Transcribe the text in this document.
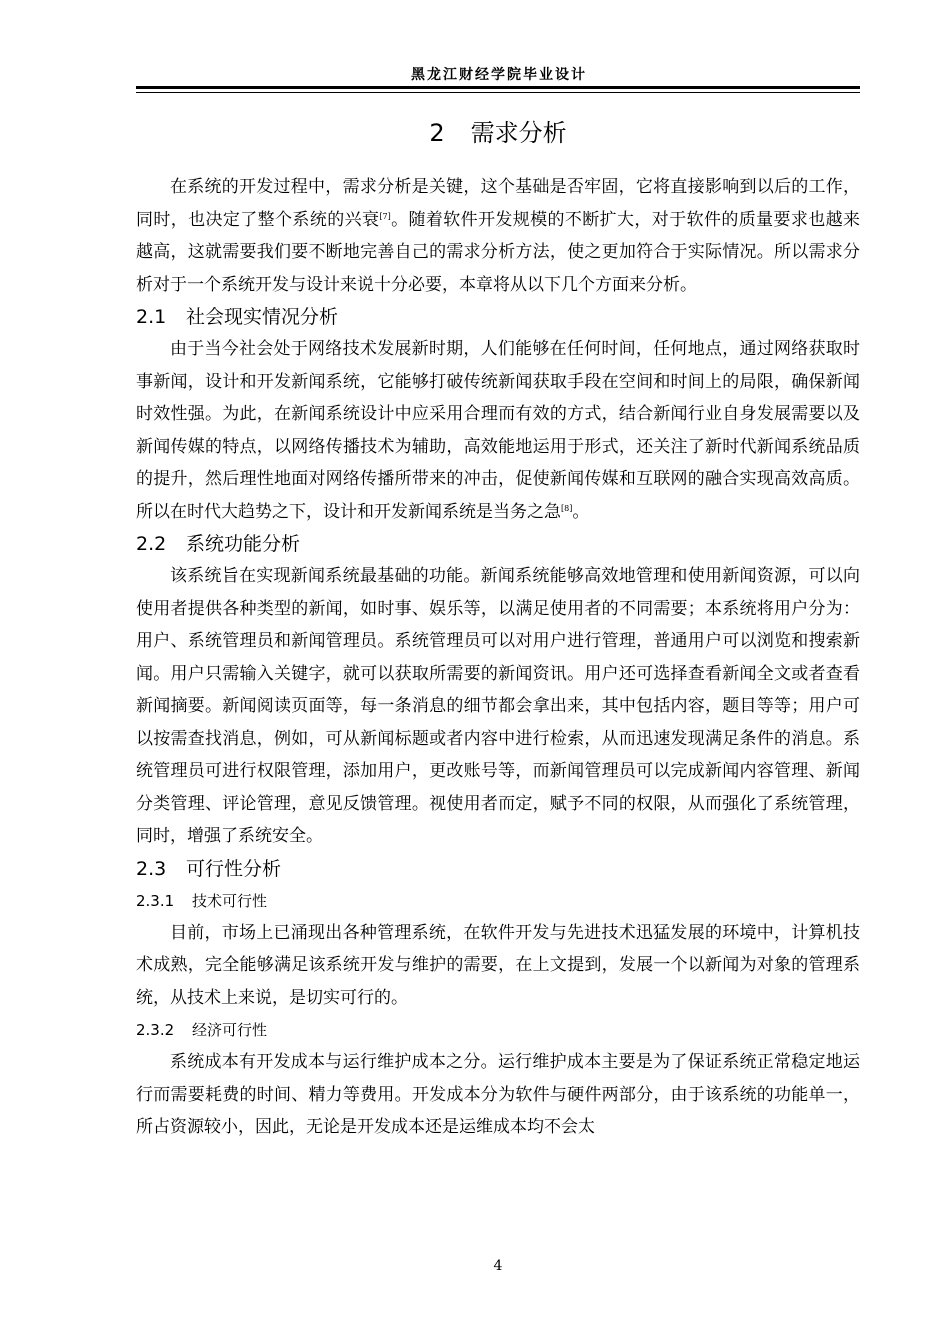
黑龙江财经学院毕业设计
2 需求分析

在系统的开发过程中，需求分析是关键，这个基础是否牢固，它将直接影响到以后的工作，同时，也决定了整个系统的兴衰[7]。随着软件开发规模的不断扩大，对于软件的质量要求也越来越高，这就需要我们要不断地完善自己的需求分析方法，使之更加符合于实际情况。所以需求分析对于一个系统开发与设计来说十分必要，本章将从以下几个方面来分析。

2.1 社会现实情况分析

由于当今社会处于网络技术发展新时期，人们能够在任何时间，任何地点，通过网络获取时事新闻，设计和开发新闻系统，它能够打破传统新闻获取手段在空间和时间上的局限，确保新闻时效性强。为此，在新闻系统设计中应采用合理而有效的方式，结合新闻行业自身发展需要以及新闻传媒的特点，以网络传播技术为辅助，高效能地运用于形式，还关注了新时代新闻系统品质的提升，然后理性地面对网络传播所带来的冲击，促使新闻传媒和互联网的融合实现高效高质。所以在时代大趋势之下，设计和开发新闻系统是当务之急[8]。

2.2 系统功能分析

该系统旨在实现新闻系统最基础的功能。新闻系统能够高效地管理和使用新闻资源，可以向使用者提供各种类型的新闻，如时事、娱乐等，以满足使用者的不同需要；本系统将用户分为：用户、系统管理员和新闻管理员。系统管理员可以对用户进行管理，普通用户可以浏览和搜索新闻。用户只需输入关键字，就可以获取所需要的新闻资讯。用户还可选择查看新闻全文或者查看新闻摘要。新闻阅读页面等，每一条消息的细节都会拿出来，其中包括内容，题目等等；用户可以按需查找消息，例如，可从新闻标题或者内容中进行检索，从而迅速发现满足条件的消息。系统管理员可进行权限管理，添加用户，更改账号等，而新闻管理员可以完成新闻内容管理、新闻分类管理、评论管理，意见反馈管理。视使用者而定，赋予不同的权限，从而强化了系统管理，同时，增强了系统安全。

2.3 可行性分析
2.3.1 技术可行性

目前，市场上已涌现出各种管理系统，在软件开发与先进技术迅猛发展的环境中，计算机技术成熟，完全能够满足该系统开发与维护的需要，在上文提到，发展一个以新闻为对象的管理系统，从技术上来说，是切实可行的。

2.3.2 经济可行性

系统成本有开发成本与运行维护成本之分。运行维护成本主要是为了保证系统正常稳定地运行而需要耗费的时间、精力等费用。开发成本分为软件与硬件两部分，由于该系统的功能单一，所占资源较小，因此，无论是开发成本还是运维成本均不会太

4
